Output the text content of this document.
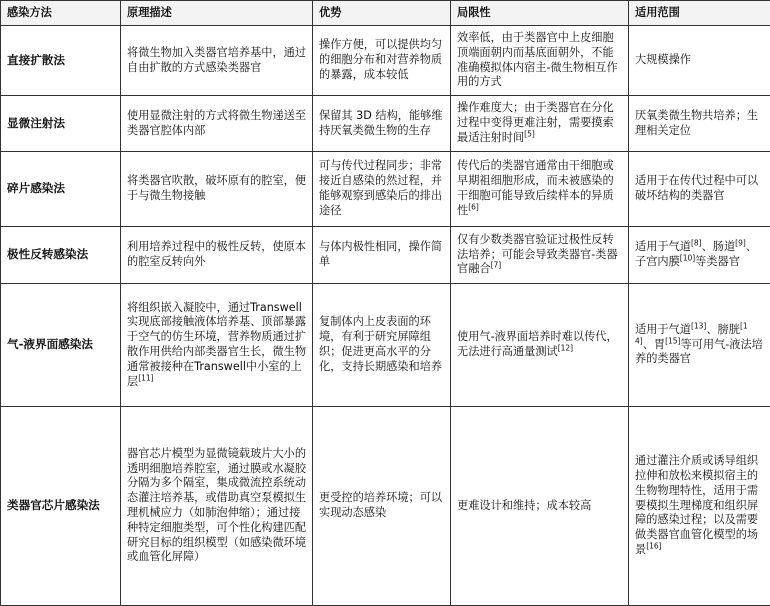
感染方法	原理描述	优势	局限性	适用范围
直接扩散法	将微生物加入类器官培养基中，通过自由扩散的方式感染类器官	操作方便，可以提供均匀的细胞分布和对营养物质的暴露，成本较低	效率低，由于类器官中上皮细胞顶端面朝内而基底面朝外，不能准确模拟体内宿主-微生物相互作用的方式	大规模操作
显微注射法	使用显微注射的方式将微生物递送至类器官腔体内部	保留其 3D 结构，能够维持厌氧类微生物的生存	操作难度大；由于类器官在分化过程中变得更难注射，需要摸索最适注射时间[5]	厌氧类微生物共培养；生理相关定位
碎片感染法	将类器官吹散，破坏原有的腔室，便于与微生物接触	可与传代过程同步；非常接近自感染的然过程，并能够观察到感染后的排出途径	传代后的类器官通常由干细胞或早期祖细胞形成，而未被感染的干细胞可能导致后续样本的异质性[6]	适用于在传代过程中可以破坏结构的类器官
极性反转感染法	利用培养过程中的极性反转，使原本的腔室反转向外	与体内极性相同，操作简单	仅有少数类器官验证过极性反转法培养；可能会导致类器官-类器官融合[7]	适用于气道[8]、肠道[9]、子宫内膜[10]等类器官
气-液界面感染法	将组织嵌入凝胶中，通过Transwell实现底部接触液体培养基、顶部暴露于空气的仿生环境，营养物质通过扩散作用供给内部类器官生长，微生物通常被接种在Transwell中小室的上层[11]	复制体内上皮表面的环境，有利于研究屏障组织；促进更高水平的分化，支持长期感染和培养	使用气-液界面培养时难以传代，无法进行高通量测试[12]	适用于气道[13]、膀胱[14]、胃[15]等可用气-液法培养的类器官
类器官芯片感染法	器官芯片模型为显微镜载玻片大小的透明细胞培养腔室，通过膜或水凝胶分隔为多个隔室，集成微流控系统动态灌注培养基，或借助真空泵模拟生理机械应力（如肺泡伸缩）；通过接种特定细胞类型，可个性化构建匹配研究目标的组织模型（如感染微环境或血管化屏障）	更受控的培养环境；可以实现动态感染	更难设计和维持；成本较高	通过灌注介质或诱导组织拉伸和放松来模拟宿主的生物物理特性，适用于需要模拟生理梯度和组织屏障的感染过程；以及需要做类器官血管化模型的场景[16]
